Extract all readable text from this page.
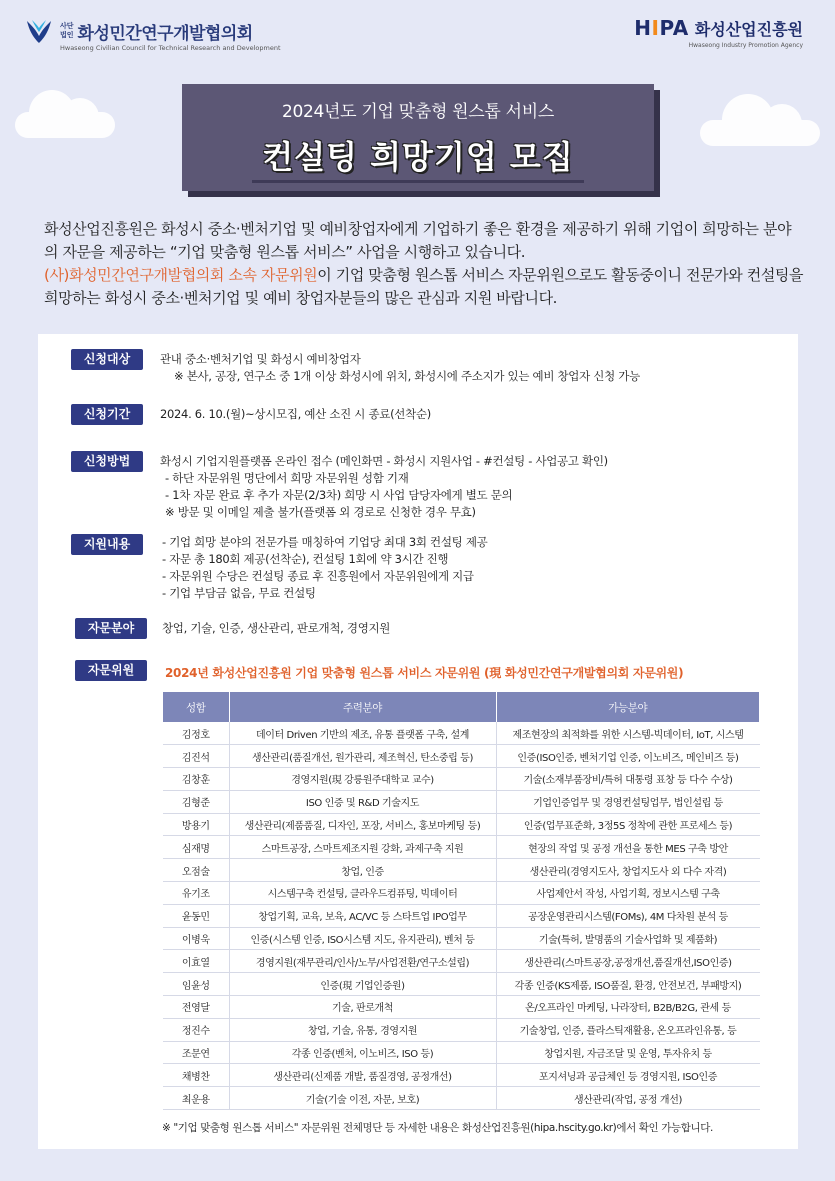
사단
법인 화성민간연구개발협의회
Hwaseong Civilian Council for Technical Research and Development
HIPA 화성산업진흥원
Hwaseong Industry Promotion Agency
2024년도 기업 맞춤형 원스톱 서비스
컨설팅 희망기업 모집
화성산업진흥원은 화성시 중소·벤처기업 및 예비창업자에게 기업하기 좋은 환경을 제공하기 위해 기업이 희망하는 분야의 자문을 제공하는 “기업 맞춤형 원스톱 서비스” 사업을 시행하고 있습니다.
(사)화성민간연구개발협의회 소속 자문위원이 기업 맞춤형 원스톱 서비스 자문위원으로도 활동중이니 전문가와 컨설팅을 희망하는 화성시 중소·벤처기업 및 예비 창업자분들의 많은 관심과 지원 바랍니다.
신청대상	관내 중소·벤처기업 및 화성시 예비창업자
※ 본사, 공장, 연구소 중 1개 이상 화성시에 위치, 화성시에 주소지가 있는 예비 창업자 신청 가능
신청기간	2024. 6. 10.(월)~상시모집, 예산 소진 시 종료(선착순)
신청방법	화성시 기업지원플랫폼 온라인 접수 (메인화면 - 화성시 지원사업 - #컨설팅 - 사업공고 확인)
- 하단 자문위원 명단에서 희망 자문위원 성함 기재
- 1차 자문 완료 후 추가 자문(2/3차) 희망 시 사업 담당자에게 별도 문의
※ 방문 및 이메일 제출 불가(플랫폼 외 경로로 신청한 경우 무효)
지원내용	- 기업 희망 분야의 전문가를 매칭하여 기업당 최대 3회 컨설팅 제공
- 자문 총 180회 제공(선착순), 컨설팅 1회에 약 3시간 진행
- 자문위원 수당은 컨설팅 종료 후 진흥원에서 자문위원에게 지급
- 기업 부담금 없음, 무료 컨설팅
자문분야	창업, 기술, 인증, 생산관리, 판로개척, 경영지원
자문위원	2024년 화성산업진흥원 기업 맞춤형 원스톱 서비스 자문위원 (現 화성민간연구개발협의회 자문위원)
성함	주력분야	가능분야
김정호	데이터 Driven 기반의 제조, 유통 플랫폼 구축, 설계	제조현장의 최적화를 위한 시스템-빅데이터, IoT, 시스템
김진석	생산관리(품질개선, 원가관리, 제조혁신, 탄소중립 등)	인증(ISO인증, 벤처기업 인증, 이노비즈, 메인비즈 등)
김창훈	경영지원(現 강릉원주대학교 교수)	기술(소재부품장비/특허 대통령 표창 등 다수 수상)
김형준	ISO 인증 및 R&D 기술지도	기업인증업무 및 경영컨설팅업무, 법인설립 등
방용기	생산관리(제품품질, 디자인, 포장, 서비스, 홍보마케팅 등)	인증(업무표준화, 3정5S 정착에 관한 프로세스 등)
심재명	스마트공장, 스마트제조지원 강화, 과제구축 지원	현장의 작업 및 공정 개선을 통한 MES 구축 방안
오점술	창업, 인증	생산관리(경영지도사, 창업지도사 외 다수 자격)
유기조	시스템구축 컨설팅, 클라우드컴퓨팅, 빅데이터	사업제안서 작성, 사업기획, 정보시스템 구축
윤동민	창업기획, 교육, 보육, AC/VC 등 스타트업 IPO업무	공장운영관리시스템(FOMs), 4M 다차원 분석 등
이병욱	인증(시스템 인증, ISO시스템 지도, 유지관리), 벤처 등	기술(특허, 발명품의 기술사업화 및 제품화)
이효열	경영지원(재무관리/인사/노무/사업전환/연구소설립)	생산관리(스마트공장,공정개선,품질개선,ISO인증)
임윤성	인증(現 기업인증원)	각종 인증(KS제품, ISO품질, 환경, 안전보건, 부패방지)
전영달	기술, 판로개척	온/오프라인 마케팅, 나라장터, B2B/B2G, 관세 등
정진수	창업, 기술, 유통, 경영지원	기술창업, 인증, 플라스틱재활용, 온오프라인유통, 등
조문연	각종 인증(벤처, 이노비즈, ISO 등)	창업지원, 자금조달 및 운영, 투자유치 등
채병찬	생산관리(신제품 개발, 품질경영, 공정개선)	포지셔닝과 공급체인 등 경영지원, ISO인증
최운용	기술(기술 이전, 자문, 보호)	생산관리(작업, 공정 개선)
※ "기업 맞춤형 원스톱 서비스" 자문위원 전체명단 등 자세한 내용은 화성산업진흥원(hipa.hscity.go.kr)에서 확인 가능합니다.
